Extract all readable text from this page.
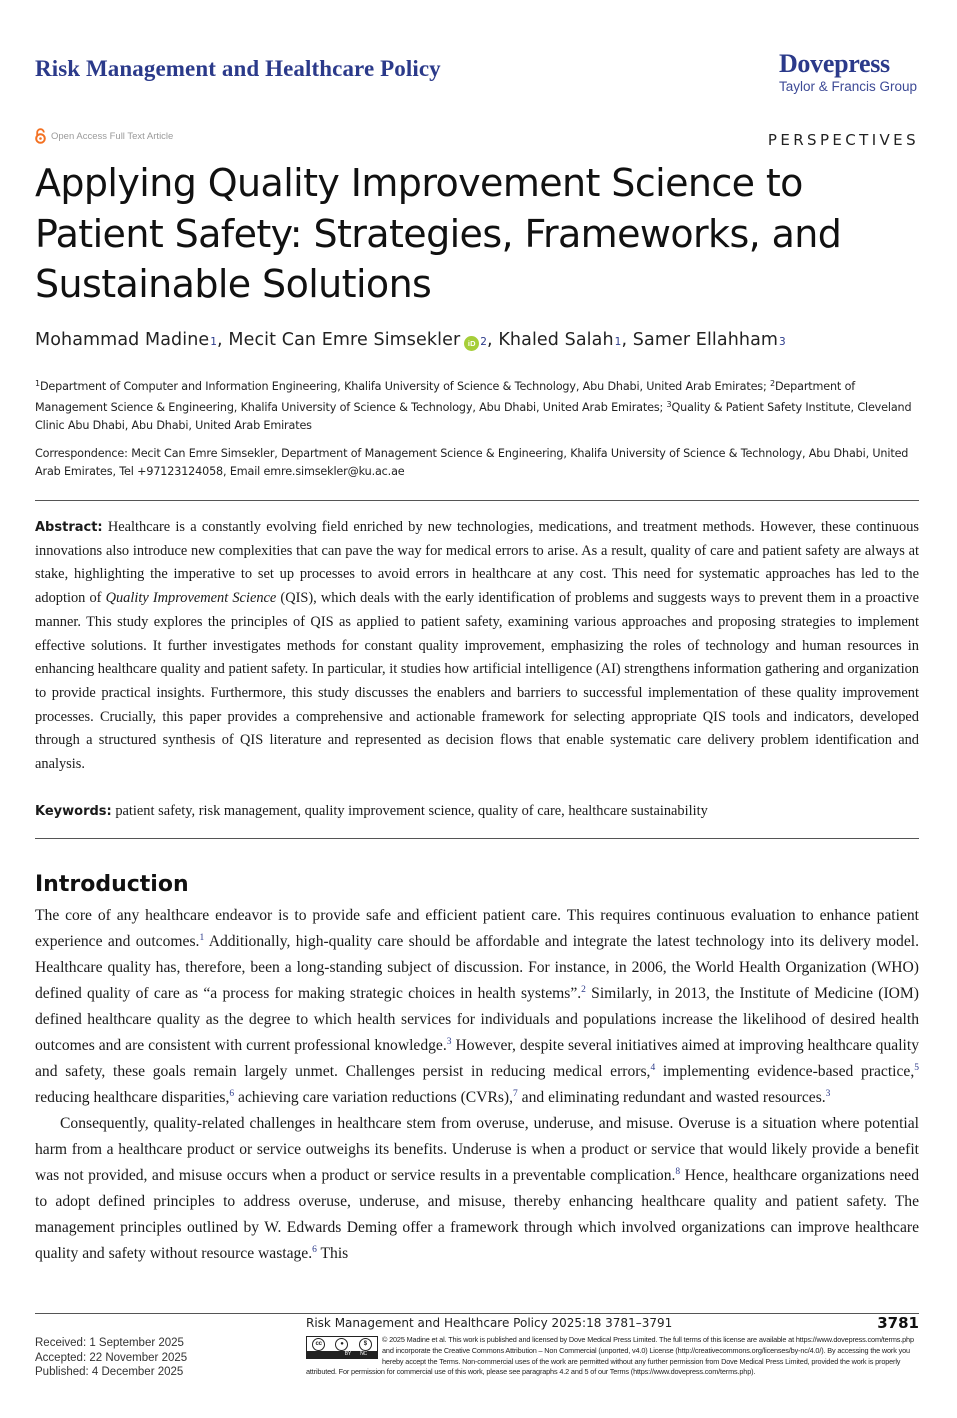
Risk Management and Healthcare Policy	Dovepress
Taylor & Francis Group
Open Access Full Text Article	PERSPECTIVES
Applying Quality Improvement Science to Patient Safety: Strategies, Frameworks, and Sustainable Solutions
Mohammad Madine 1 , Mecit Can Emre Simsekler	iD 2 , Khaled Salah 1 , Samer Ellahham 3
$^1$Department of Computer and Information Engineering, Khalifa University of Science & Technology, Abu Dhabi, United Arab Emirates; $^2$Department of Management Science & Engineering, Khalifa University of Science & Technology, Abu Dhabi, United Arab Emirates; $^3$Quality & Patient Safety Institute, Cleveland Clinic Abu Dhabi, Abu Dhabi, United Arab Emirates
Correspondence: Mecit Can Emre Simsekler, Department of Management Science & Engineering, Khalifa University of Science & Technology, Abu Dhabi, United Arab Emirates, Tel +97123124058, Email emre.simsekler@ku.ac.ae
Abstract: Healthcare is a constantly evolving field enriched by new technologies, medications, and treatment methods. However, these continuous innovations also introduce new complexities that can pave the way for medical errors to arise. As a result, quality of care and patient safety are always at stake, highlighting the imperative to set up processes to avoid errors in healthcare at any cost. This need for systematic approaches has led to the adoption of Quality Improvement Science (QIS), which deals with the early identification of problems and suggests ways to prevent them in a proactive manner. This study explores the principles of QIS as applied to patient safety, examining various approaches and proposing strategies to implement effective solutions. It further investigates methods for constant quality improvement, emphasizing the roles of technology and human resources in enhancing healthcare quality and patient safety. In particular, it studies how artificial intelligence (AI) strengthens information gathering and organization to provide practical insights. Furthermore, this study discusses the enablers and barriers to successful implementation of these quality improvement processes. Crucially, this paper provides a comprehensive and actionable framework for selecting appropriate QIS tools and indicators, developed through a structured synthesis of QIS literature and represented as decision flows that enable systematic care delivery problem identification and analysis.
Keywords: patient safety, risk management, quality improvement science, quality of care, healthcare sustainability
Introduction

The core of any healthcare endeavor is to provide safe and efficient patient care. This requires continuous evaluation to enhance patient experience and outcomes.$^1$ Additionally, high-quality care should be affordable and integrate the latest technology into its delivery model. Healthcare quality has, therefore, been a long-standing subject of discussion. For instance, in 2006, the World Health Organization (WHO) defined quality of care as “a process for making strategic choices in health systems”.$^2$ Similarly, in 2013, the Institute of Medicine (IOM) defined healthcare quality as the degree to which health services for individuals and populations increase the likelihood of desired health outcomes and are consistent with current professional knowledge.$^3$ However, despite several initiatives aimed at improving healthcare quality and safety, these goals remain largely unmet. Challenges persist in reducing medical errors,$^4$ implementing evidence-based practice,$^5$ reducing healthcare disparities,$^6$ achieving care variation reductions (CVRs),$^7$ and eliminating redundant and wasted resources.$^3$

Consequently, quality-related challenges in healthcare stem from overuse, underuse, and misuse. Overuse is a situation where potential harm from a healthcare product or service outweighs its benefits. Underuse is when a product or service that would likely provide a benefit was not provided, and misuse occurs when a product or service results in a preventable complication.$^8$ Hence, healthcare organizations need to adopt defined principles to address overuse, underuse, and misuse, thereby enhancing healthcare quality and patient safety. The management principles outlined by W. Edwards Deming offer a framework through which involved organizations can improve healthcare quality and safety without resource wastage.$^6$ This

Received: 1 September 2025
Accepted: 22 November 2025
Published: 4 December 2025
Risk Management and Healthcare Policy 2025:18 3781–3791	3781
cc	●	$
BY NC
© 2025 Madine et al. This work is published and licensed by Dove Medical Press Limited. The full terms of this license are available at https://www.dovepress.com/terms.php and incorporate the Creative Commons Attribution – Non Commercial (unported, v4.0) License (http://creativecommons.org/licenses/by-nc/4.0/). By accessing the work you hereby accept the Terms. Non-commercial uses of the work are permitted without any further permission from Dove Medical Press Limited, provided the work is properly attributed. For permission for commercial use of this work, please see paragraphs 4.2 and 5 of our Terms (https://www.dovepress.com/terms.php).
